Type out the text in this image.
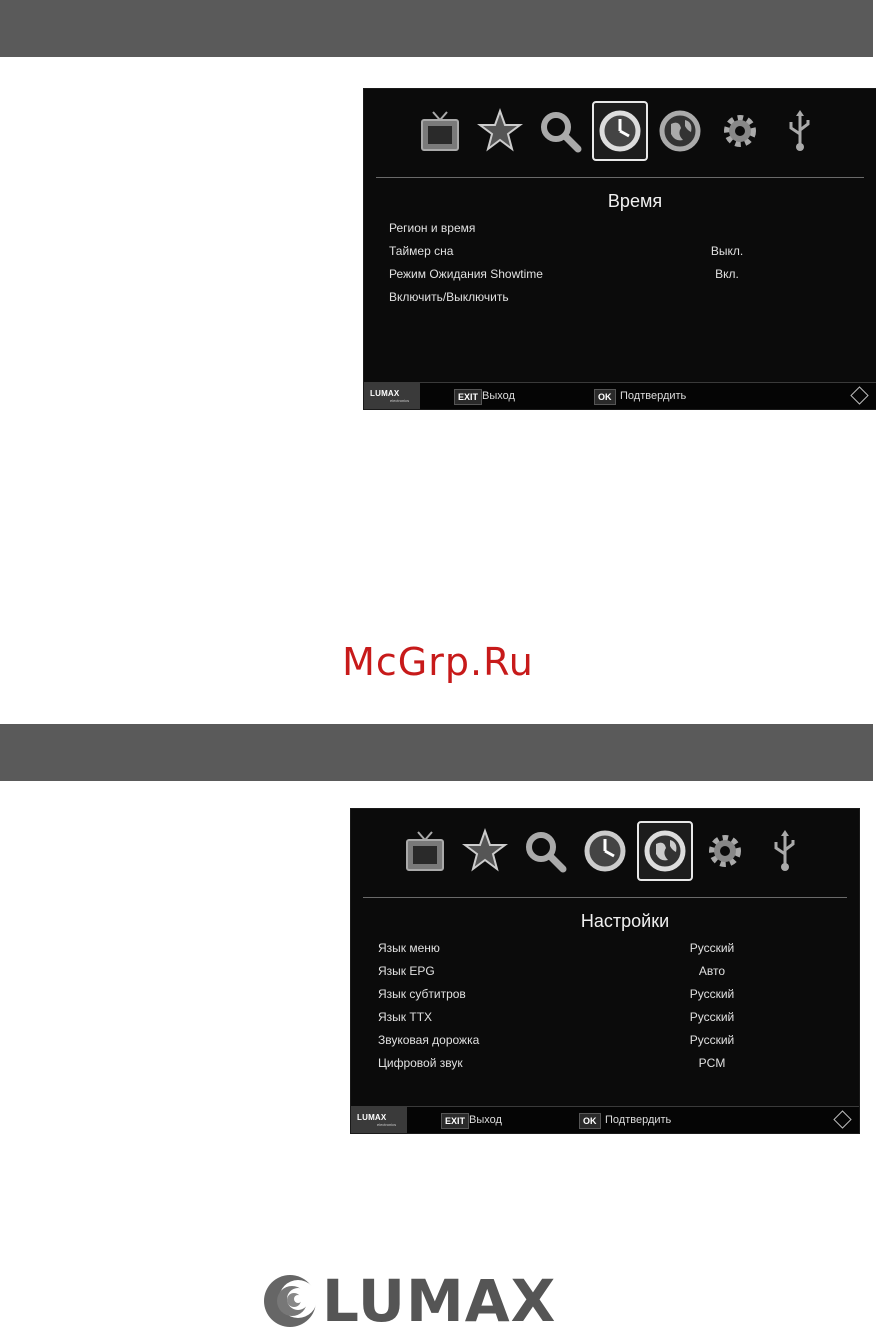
Время
Регион и время
Таймер сна	Выкл.
Режим Ожидания Showtime	Вкл.
Включить/Выключить
LUMAX
electronics	EXIT Выход	OK Подтвердить
McGrp.Ru
Настройки
Язык меню	Русский
Язык EPG	Авто
Язык субтитров	Русский
Язык TTX	Русский
Звуковая дорожка	Русский
Цифровой звук	PCM
LUMAX
electronics	EXIT Выход	OK Подтвердить
LUMAX
